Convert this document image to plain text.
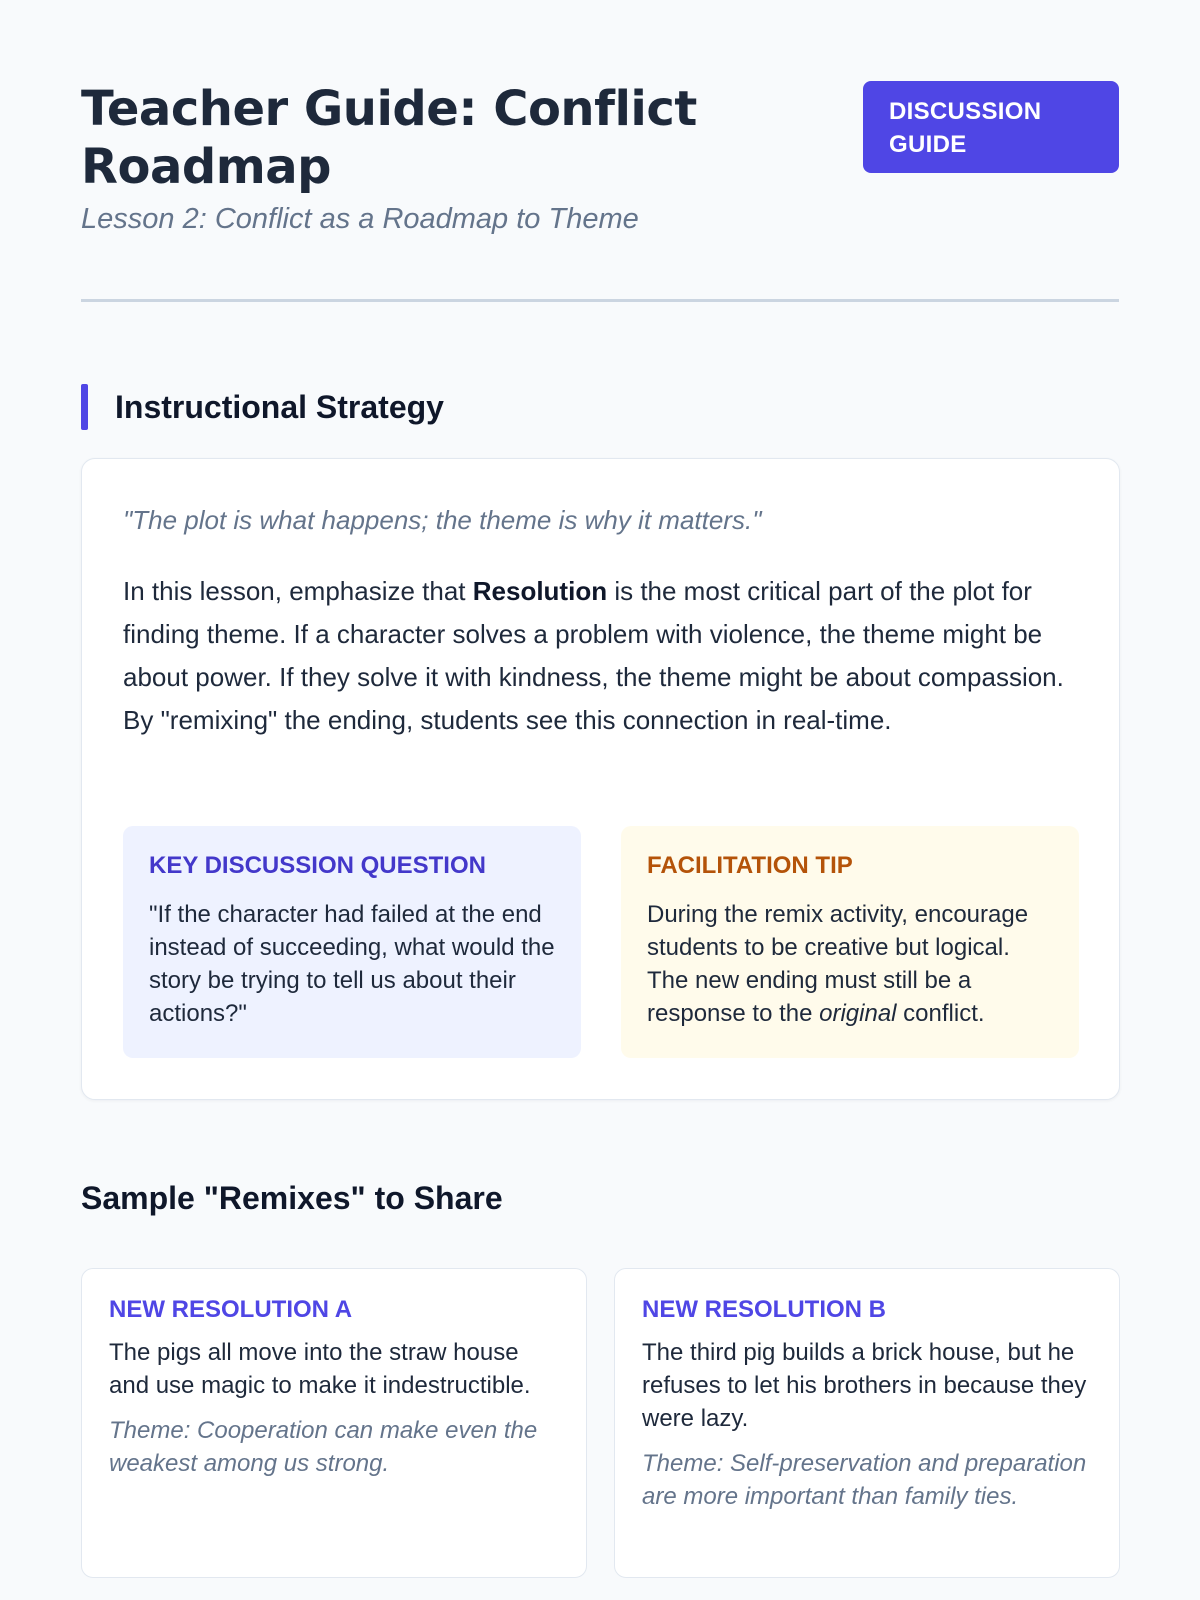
Teacher Guide: Conflict Roadmap
Lesson 2: Conflict as a Roadmap to Theme
DISCUSSION GUIDE
Instructional Strategy
"The plot is what happens; the theme is why it matters."
In this lesson, emphasize that Resolution is the most critical part of the plot for finding theme. If a character solves a problem with violence, the theme might be about power. If they solve it with kindness, the theme might be about compassion. By "remixing" the ending, students see this connection in real-time.
KEY DISCUSSION QUESTION
"If the character had failed at the end instead of succeeding, what would the story be trying to tell us about their actions?"
FACILITATION TIP
During the remix activity, encourage students to be creative but logical. The new ending must still be a response to the original conflict.
Sample "Remixes" to Share
NEW RESOLUTION A
The pigs all move into the straw house and use magic to make it indestructible.
Theme: Cooperation can make even the weakest among us strong.
NEW RESOLUTION B
The third pig builds a brick house, but he refuses to let his brothers in because they were lazy.
Theme: Self-preservation and preparation are more important than family ties.
